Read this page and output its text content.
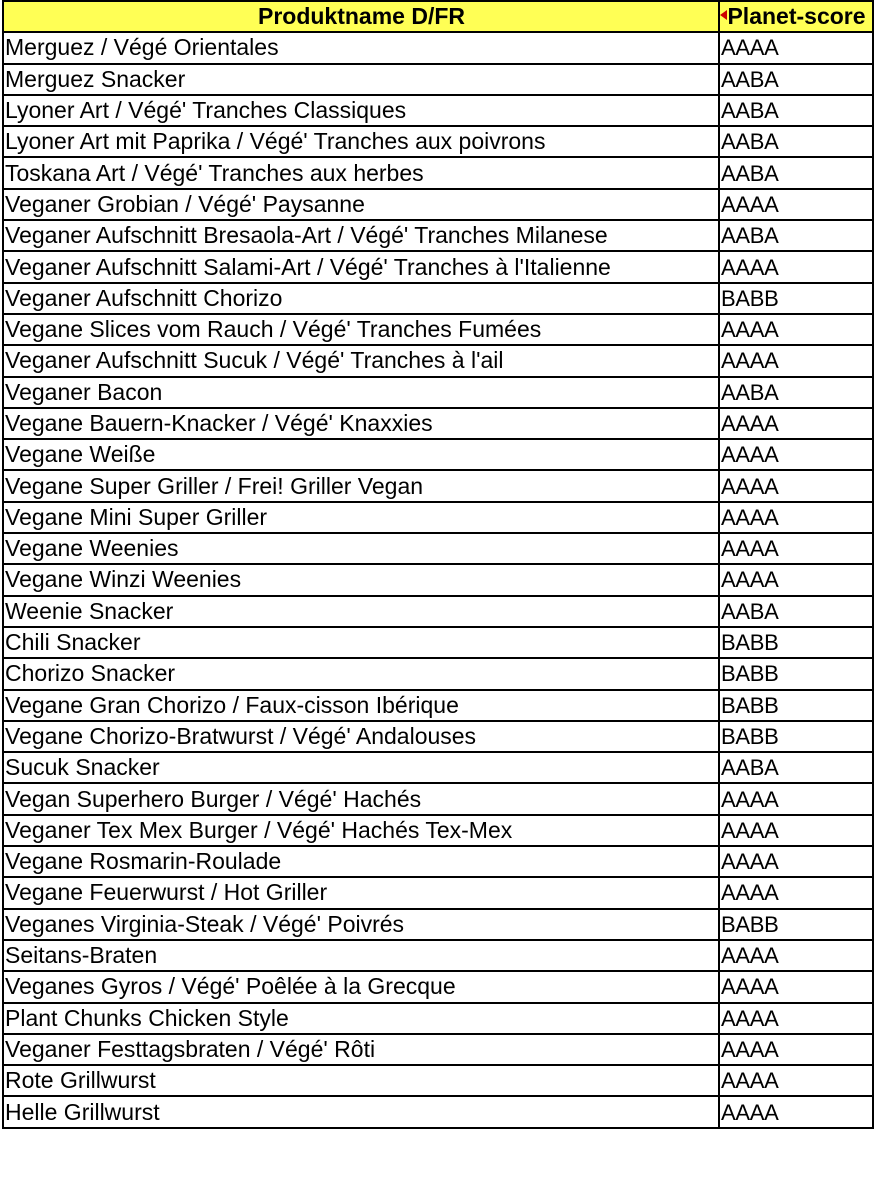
Produktname D/FR	Planet-score
Merguez / Végé Orientales	AAAA
Merguez Snacker	AABA
Lyoner Art / Végé' Tranches Classiques	AABA
Lyoner Art mit Paprika / Végé' Tranches aux poivrons	AABA
Toskana Art / Végé' Tranches aux herbes	AABA
Veganer Grobian / Végé' Paysanne	AAAA
Veganer Aufschnitt Bresaola-Art / Végé' Tranches Milanese	AABA
Veganer Aufschnitt Salami-Art / Végé' Tranches à l'Italienne	AAAA
Veganer Aufschnitt Chorizo	BABB
Vegane Slices vom Rauch / Végé' Tranches Fumées	AAAA
Veganer Aufschnitt Sucuk / Végé' Tranches à l'ail	AAAA
Veganer Bacon	AABA
Vegane Bauern-Knacker / Végé' Knaxxies	AAAA
Vegane Weiße	AAAA
Vegane Super Griller / Frei! Griller Vegan	AAAA
Vegane Mini Super Griller	AAAA
Vegane Weenies	AAAA
Vegane Winzi Weenies	AAAA
Weenie Snacker	AABA
Chili Snacker	BABB
Chorizo Snacker	BABB
Vegane Gran Chorizo / Faux-cisson Ibérique	BABB
Vegane Chorizo-Bratwurst / Végé' Andalouses	BABB
Sucuk Snacker	AABA
Vegan Superhero Burger / Végé' Hachés	AAAA
Veganer Tex Mex Burger / Végé' Hachés Tex-Mex	AAAA
Vegane Rosmarin-Roulade	AAAA
Vegane Feuerwurst / Hot Griller	AAAA
Veganes Virginia-Steak / Végé' Poivrés	BABB
Seitans-Braten	AAAA
Veganes Gyros / Végé' Poêlée à la Grecque	AAAA
Plant Chunks Chicken Style	AAAA
Veganer Festtagsbraten / Végé' Rôti	AAAA
Rote Grillwurst	AAAA
Helle Grillwurst	AAAA
